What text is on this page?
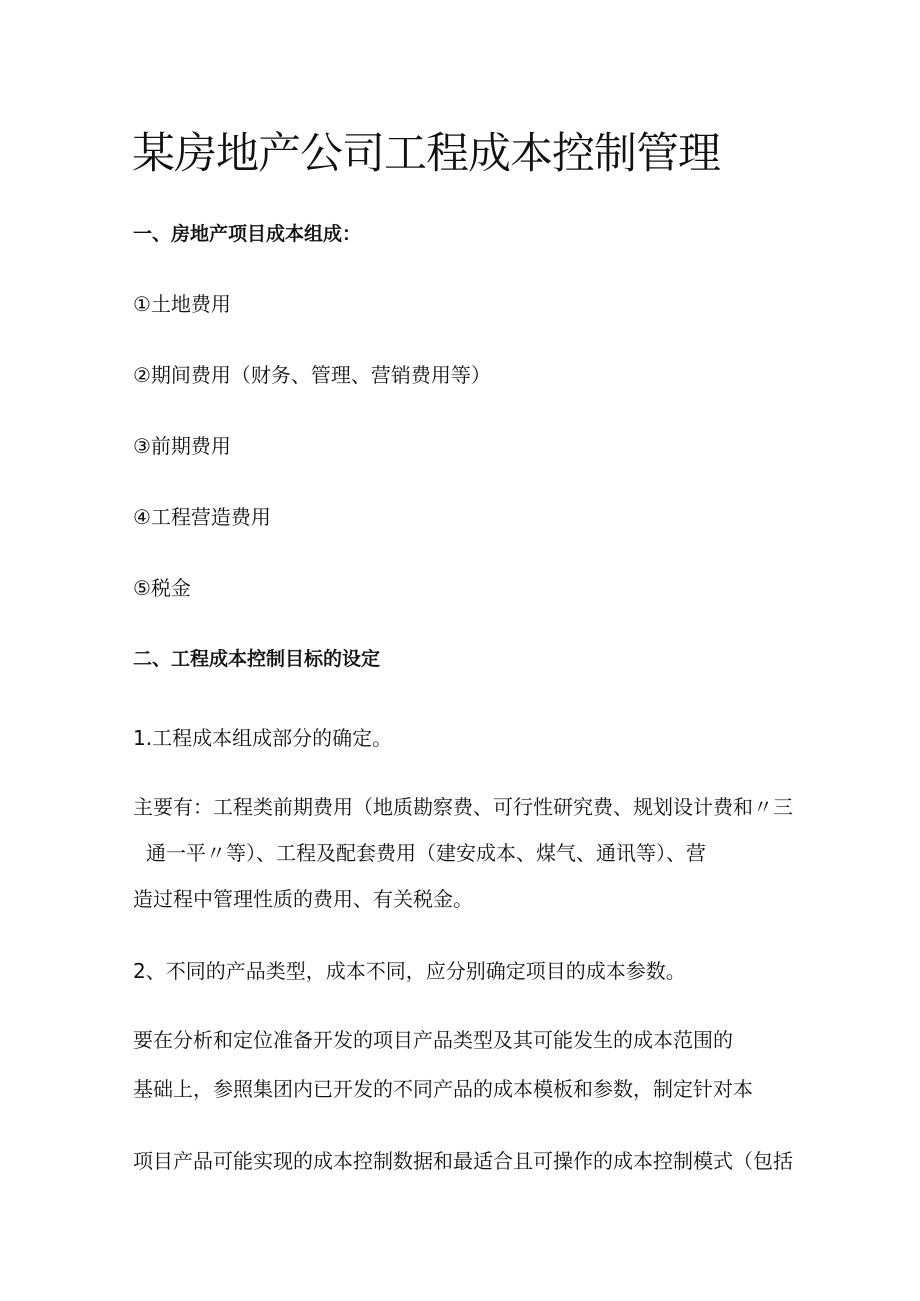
某房地产公司工程成本控制管理
一、房地产项目成本组成：
①土地费用
②期间费用（财务、管理、营销费用等）
③前期费用
④工程营造费用
⑤税金
二、工程成本控制目标的设定
1.工程成本组成部分的确定。
主要有：工程类前期费用（地质勘察费、可行性研究费、规划设计费和〃三
通一平〃等）、工程及配套费用（建安成本、煤气、通讯等）、营
造过程中管理性质的费用、有关税金。
2、不同的产品类型，成本不同，应分别确定项目的成本参数。
要在分析和定位准备开发的项目产品类型及其可能发生的成本范围的
基础上，参照集团内已开发的不同产品的成本模板和参数，制定针对本
项目产品可能实现的成本控制数据和最适合且可操作的成本控制模式（包括
